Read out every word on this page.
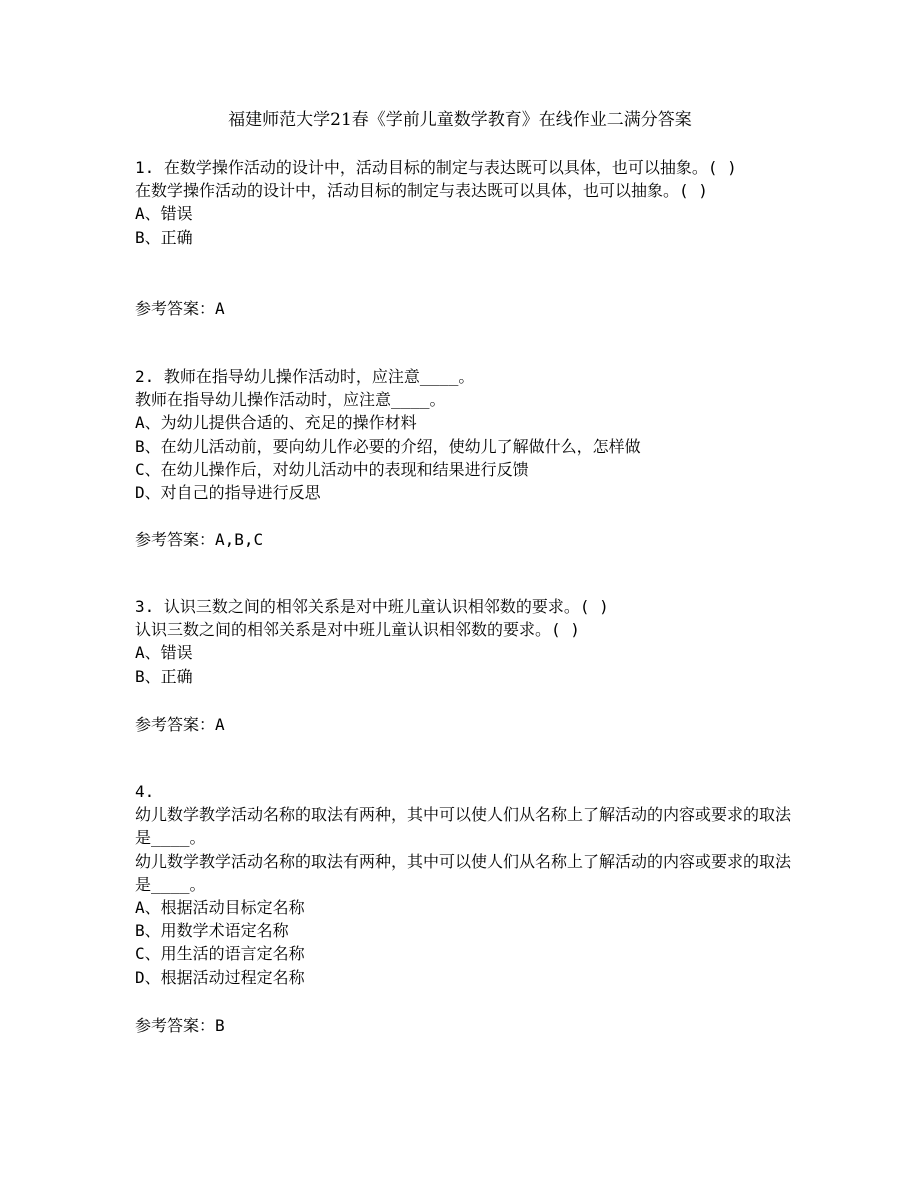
福建师范大学21春《学前儿童数学教育》在线作业二满分答案
1. 在数学操作活动的设计中，活动目标的制定与表达既可以具体，也可以抽象。( )
在数学操作活动的设计中，活动目标的制定与表达既可以具体，也可以抽象。( )
A、错误
B、正确
参考答案：A
2. 教师在指导幼儿操作活动时，应注意____。
教师在指导幼儿操作活动时，应注意____。
A、为幼儿提供合适的、充足的操作材料
B、在幼儿活动前，要向幼儿作必要的介绍，使幼儿了解做什么，怎样做
C、在幼儿操作后，对幼儿活动中的表现和结果进行反馈
D、对自己的指导进行反思
参考答案：A,B,C
3. 认识三数之间的相邻关系是对中班儿童认识相邻数的要求。( )
认识三数之间的相邻关系是对中班儿童认识相邻数的要求。( )
A、错误
B、正确
参考答案：A
4.
幼儿数学教学活动名称的取法有两种，其中可以使人们从名称上了解活动的内容或要求的取法是____。
幼儿数学教学活动名称的取法有两种，其中可以使人们从名称上了解活动的内容或要求的取法是____。
A、根据活动目标定名称
B、用数学术语定名称
C、用生活的语言定名称
D、根据活动过程定名称
参考答案：B
